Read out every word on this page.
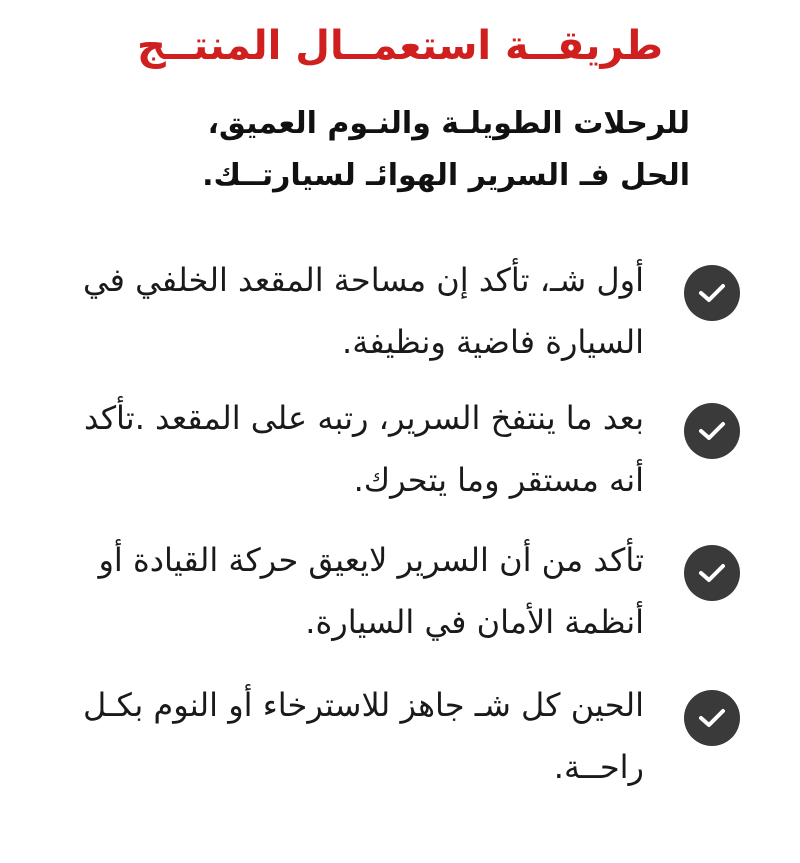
طريقــة استعمــال المنتــج
للرحلات الطويلـة والنـوم العميق، الحل فـ السرير الهوائـ لسيارتــك.
أول شـ، تأكد إن مساحة المقعد الخلفي في السيارة فاضية ونظيفة.
بعد ما ينتفخ السرير، رتبه على المقعد .تأكد أنه مستقر وما يتحرك.
تأكد من أن السرير لايعيق حركة القيادة أو أنظمة الأمان في السيارة.
الحين كل شـ جاهز للاسترخاء أو النوم بكـل راحــة.
